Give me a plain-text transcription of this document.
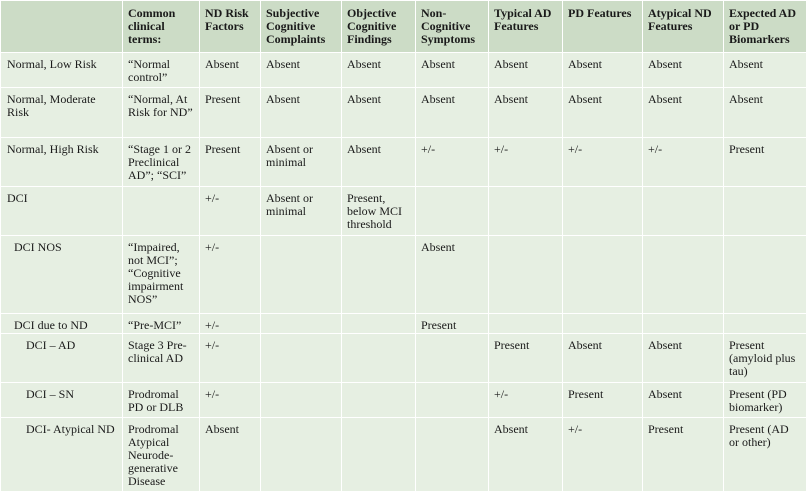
	Common clinical terms:	ND Risk Factors	Subjective Cognitive Complaints	Objective Cognitive Findings	Non-Cognitive Symptoms	Typical AD Features	PD Features	Atypical ND Features	Expected AD or PD Biomarkers
Normal, Low Risk	“Normal control”	Absent	Absent	Absent	Absent	Absent	Absent	Absent	Absent
Normal, Moderate Risk	“Normal, At Risk for ND”	Present	Absent	Absent	Absent	Absent	Absent	Absent	Absent
Normal, High Risk	“Stage 1 or 2 Preclinical AD”; “SCI”	Present	Absent or minimal	Absent	+/-	+/-	+/-	+/-	Present
DCI		+/-	Absent or minimal	Present, below MCI threshold					
DCI NOS	“Impaired, not MCI”; “Cognitive impairment NOS”	+/-			Absent				
DCI due to ND	“Pre-MCI”	+/-			Present				
DCI – AD	Stage 3 Pre-clinical AD	+/-				Present	Absent	Absent	Present (amyloid plus tau)
DCI – SN	Prodromal PD or DLB	+/-				+/-	Present	Absent	Present (PD biomarker)
DCI- Atypical ND	Prodromal Atypical Neurode-generative Disease	Absent				Absent	+/-	Present	Present (AD or other)
